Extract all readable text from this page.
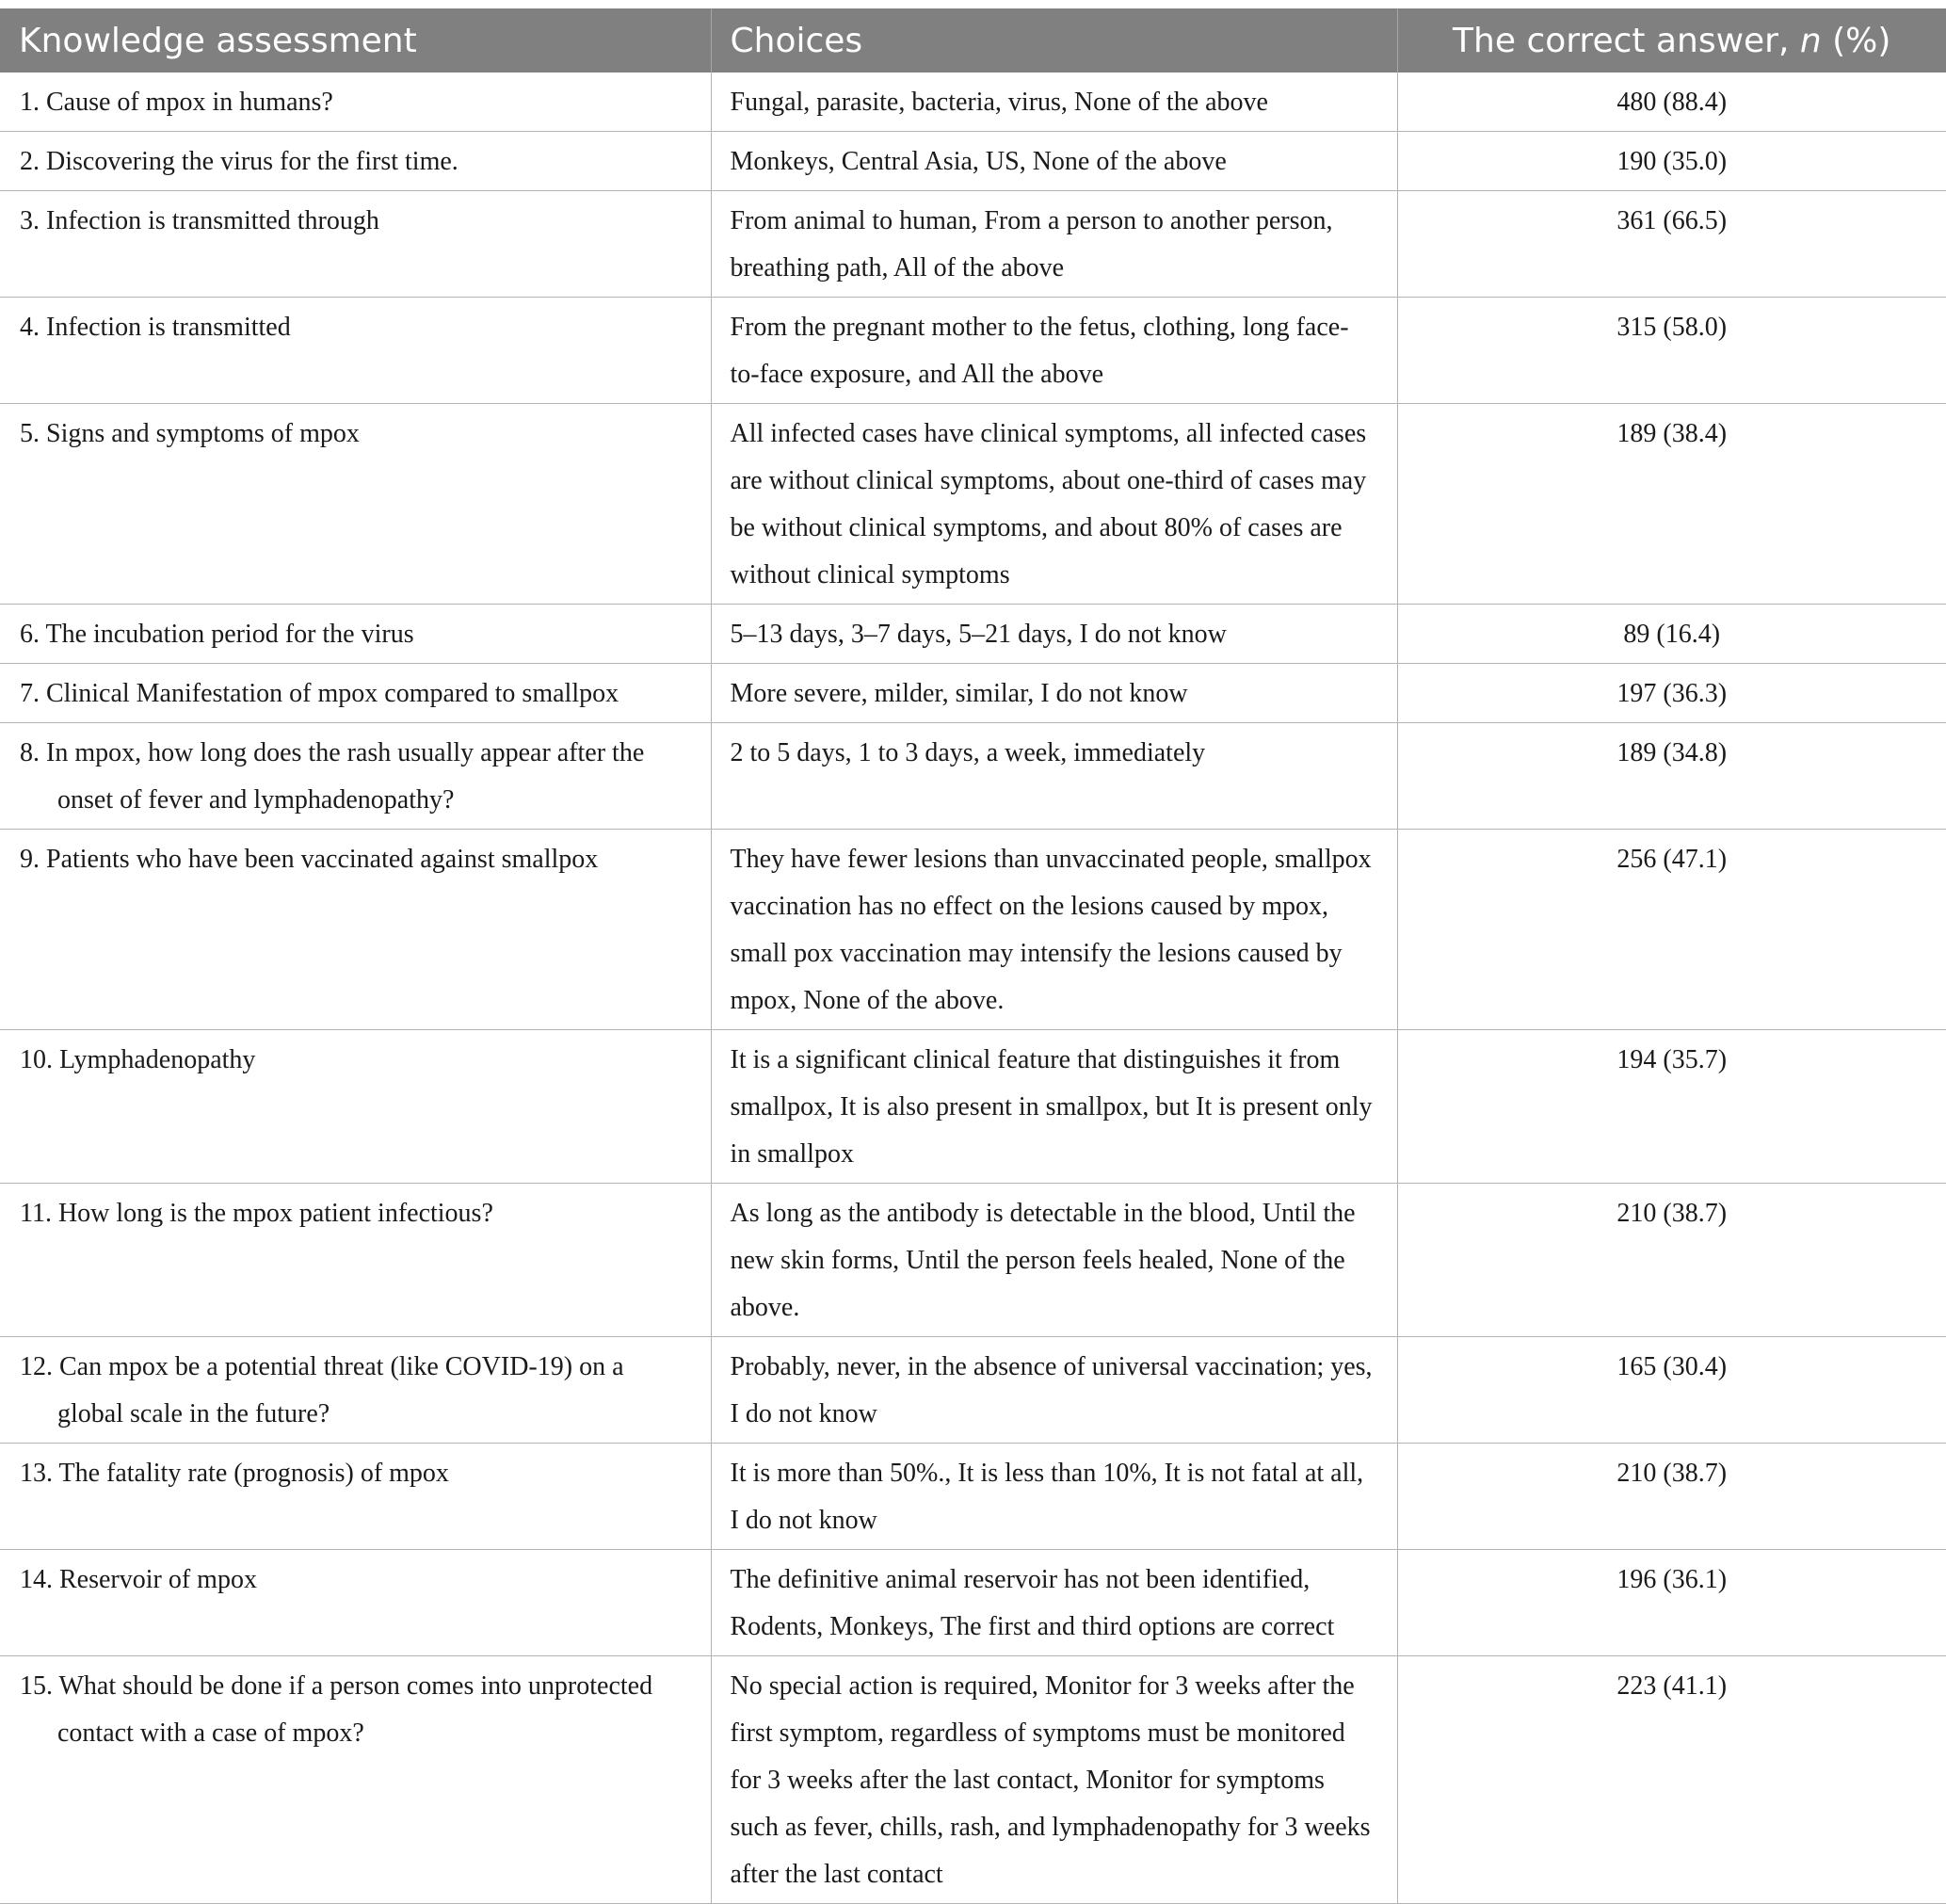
Knowledge assessment	Choices	The correct answer, n (%)
1. Cause of mpox in humans?	Fungal, parasite, bacteria, virus, None of the above	480 (88.4)
2. Discovering the virus for the first time.	Monkeys, Central Asia, US, None of the above	190 (35.0)
3. Infection is transmitted through	From animal to human, From a person to another person, breathing path, All of the above	361 (66.5)
4. Infection is transmitted	From the pregnant mother to the fetus, clothing, long face-to-face exposure, and All the above	315 (58.0)
5. Signs and symptoms of mpox	All infected cases have clinical symptoms, all infected cases are without clinical symptoms, about one-third of cases may be without clinical symptoms, and about 80% of cases are without clinical symptoms	189 (38.4)
6. The incubation period for the virus	5–13 days, 3–7 days, 5–21 days, I do not know	89 (16.4)
7. Clinical Manifestation of mpox compared to smallpox	More severe, milder, similar, I do not know	197 (36.3)
8. In mpox, how long does the rash usually appear after the onset of fever and lymphadenopathy?	2 to 5 days, 1 to 3 days, a week, immediately	189 (34.8)
9. Patients who have been vaccinated against smallpox	They have fewer lesions than unvaccinated people, smallpox vaccination has no effect on the lesions caused by mpox, small pox vaccination may intensify the lesions caused by mpox, None of the above.	256 (47.1)
10. Lymphadenopathy	It is a significant clinical feature that distinguishes it from smallpox, It is also present in smallpox, but It is present only in smallpox	194 (35.7)
11. How long is the mpox patient infectious?	As long as the antibody is detectable in the blood, Until the new skin forms, Until the person feels healed, None of the above.	210 (38.7)
12. Can mpox be a potential threat (like COVID-19) on a global scale in the future?	Probably, never, in the absence of universal vaccination; yes, I do not know	165 (30.4)
13. The fatality rate (prognosis) of mpox	It is more than 50%., It is less than 10%, It is not fatal at all, I do not know	210 (38.7)
14. Reservoir of mpox	The definitive animal reservoir has not been identified, Rodents, Monkeys, The first and third options are correct	196 (36.1)
15. What should be done if a person comes into unprotected contact with a case of mpox?	No special action is required, Monitor for 3 weeks after the first symptom, regardless of symptoms must be monitored for 3 weeks after the last contact, Monitor for symptoms such as fever, chills, rash, and lymphadenopathy for 3 weeks after the last contact	223 (41.1)
